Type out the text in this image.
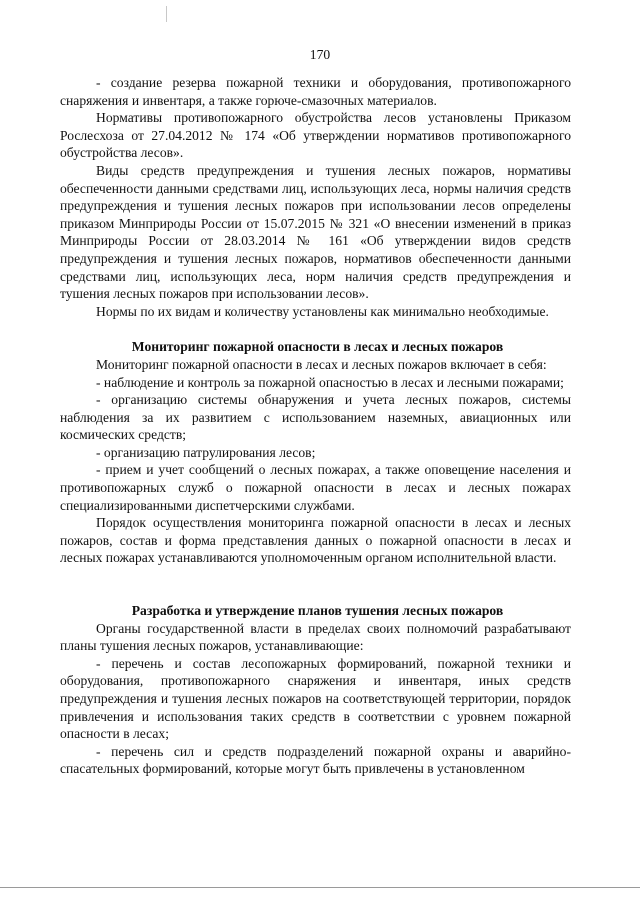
170

- создание резерва пожарной техники и оборудования, противопожарного снаряжения и инвентаря, а также горюче-смазочных материалов.

Нормативы противопожарного обустройства лесов установлены Приказом Рослесхоза от 27.04.2012 № 174 «Об утверждении нормативов противопожарного обустройства лесов».

Виды средств предупреждения и тушения лесных пожаров, нормативы обеспеченности данными средствами лиц, использующих леса, нормы наличия средств предупреждения и тушения лесных пожаров при использовании лесов определены приказом Минприроды России от 15.07.2015 № 321 «О внесении изменений в приказ Минприроды России от 28.03.2014 № 161 «Об утверждении видов средств предупреждения и тушения лесных пожаров, нормативов обеспеченности данными средствами лиц, использующих леса, норм наличия средств предупреждения и тушения лесных пожаров при использовании лесов».

Нормы по их видам и количеству установлены как минимально необходимые.

Мониторинг пожарной опасности в лесах и лесных пожаров

Мониторинг пожарной опасности в лесах и лесных пожаров включает в себя:

- наблюдение и контроль за пожарной опасностью в лесах и лесными пожарами;

- организацию системы обнаружения и учета лесных пожаров, системы наблюдения за их развитием с использованием наземных, авиационных или космических средств;

- организацию патрулирования лесов;

- прием и учет сообщений о лесных пожарах, а также оповещение населения и противопожарных служб о пожарной опасности в лесах и лесных пожарах специализированными диспетчерскими службами.

Порядок осуществления мониторинга пожарной опасности в лесах и лесных пожаров, состав и форма представления данных о пожарной опасности в лесах и лесных пожарах устанавливаются уполномоченным органом исполнительной власти.

Разработка и утверждение планов тушения лесных пожаров

Органы государственной власти в пределах своих полномочий разрабатывают планы тушения лесных пожаров, устанавливающие:

- перечень и состав лесопожарных формирований, пожарной техники и оборудования, противопожарного снаряжения и инвентаря, иных средств предупреждения и тушения лесных пожаров на соответствующей территории, порядок привлечения и использования таких средств в соответствии с уровнем пожарной опасности в лесах;

- перечень сил и средств подразделений пожарной охраны и аварийно-спасательных формирований, которые могут быть привлечены в установленном
